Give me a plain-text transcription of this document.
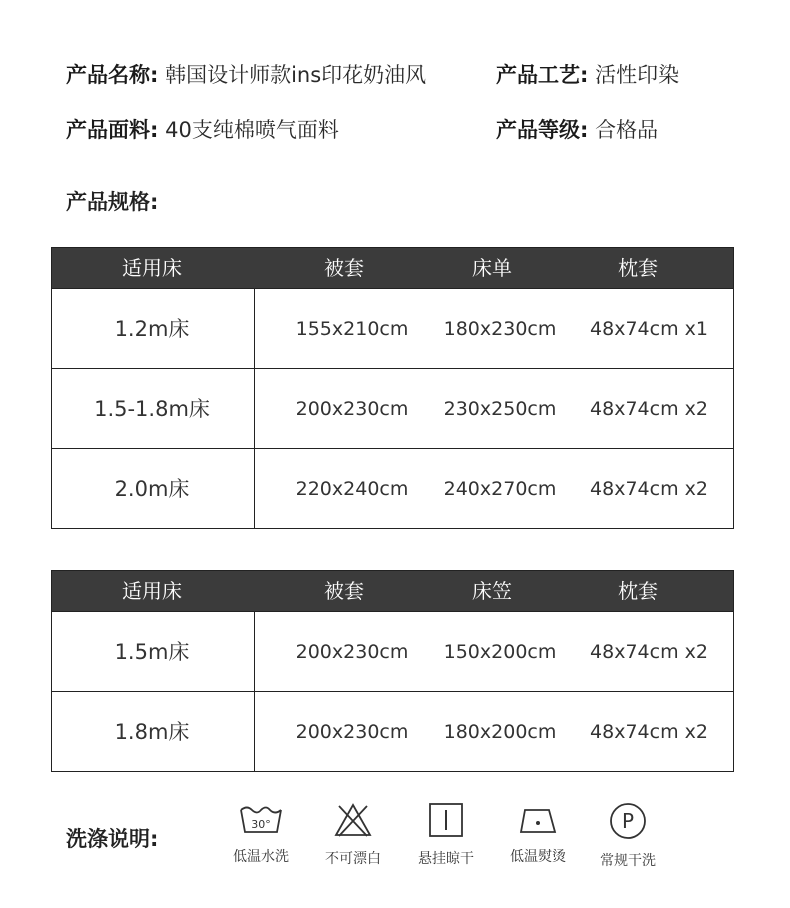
产品名称: 韩国设计师款ins印花奶油风	产品工艺: 活性印染
产品面料: 40支纯棉喷气面料	产品等级: 合格品
产品规格:
适用床	被套	床单	枕套
1.2m床	155x210cm 180x230cm 48x74cm x1
1.5-1.8m床	200x230cm 230x250cm 48x74cm x2
2.0m床	220x240cm 240x270cm 48x74cm x2
适用床	被套	床笠	枕套
1.5m床	200x230cm 150x200cm 48x74cm x2
1.8m床	200x230cm 180x200cm 48x74cm x2
洗涤说明:
30°
低温水洗	不可漂白	悬挂晾干	低温熨烫
P
常规干洗
